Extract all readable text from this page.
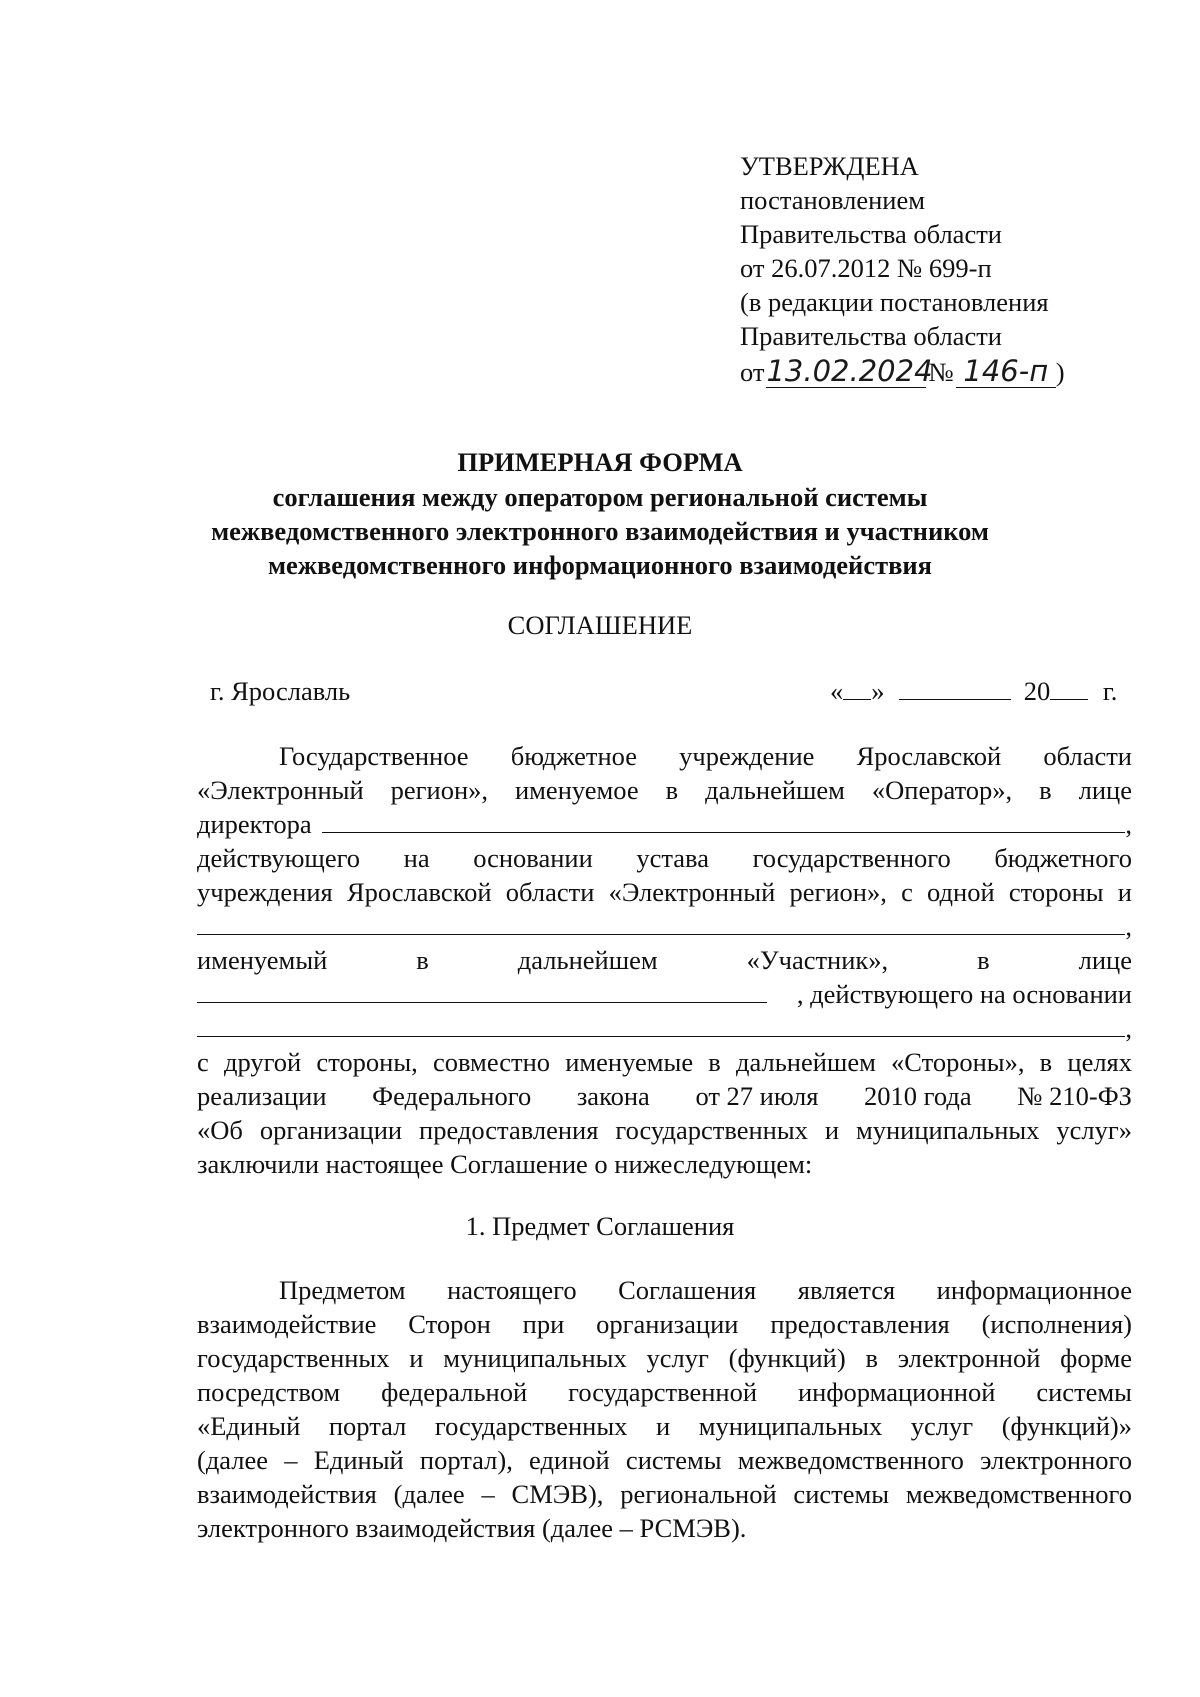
УТВЕРЖДЕНА
постановлением
Правительства области
от 26.07.2012 № 699-п
(в редакции постановления
Правительства области
от13.02.2024№ 146-п )
ПРИМЕРНАЯ ФОРМА
соглашения между оператором региональной системы
межведомственного электронного взаимодействия и участником
межведомственного информационного взаимодействия
СОГЛАШЕНИЕ
г. Ярославль	« »	20 г.
Государственное бюджетное учреждение Ярославской области
«Электронный регион», именуемое в дальнейшем «Оператор», в лице
директора	,
действующего на основании устава государственного бюджетного
учреждения Ярославской области «Электронный регион», с одной стороны и
,
именуемый	в	дальнейшем	«Участник»,	в	лице
, действующего на основании
,
с другой стороны, совместно именуемые в дальнейшем «Стороны», в целях
реализации Федерального закона от 27 июля 2010 года № 210-ФЗ
«Об организации предоставления государственных и муниципальных услуг»
заключили настоящее Соглашение о нижеследующем:
1. Предмет Соглашения
Предметом настоящего Соглашения является информационное
взаимодействие Сторон при организации предоставления (исполнения)
государственных и муниципальных услуг (функций) в электронной форме
посредством федеральной государственной информационной системы
«Единый портал государственных и муниципальных услуг (функций)»
(далее – Единый портал), единой системы межведомственного электронного
взаимодействия (далее – СМЭВ), региональной системы межведомственного
электронного взаимодействия (далее – РСМЭВ).
